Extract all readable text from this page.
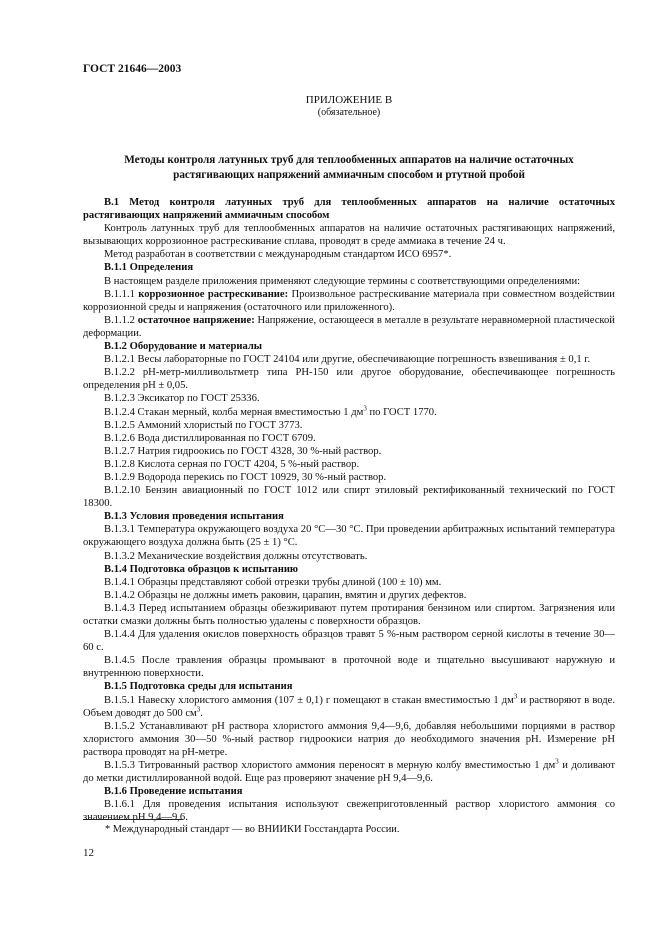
ГОСТ 21646—2003
ПРИЛОЖЕНИЕ В
(обязательное)
Методы контроля латунных труб для теплообменных аппаратов на наличие остаточных
растягивающих напряжений аммиачным способом и ртутной пробой

В.1 Метод контроля латунных труб для теплообменных аппаратов на наличие остаточных растягивающих напряжений аммиачным способом

Контроль латунных труб для теплообменных аппаратов на наличие остаточных растягивающих напряжений, вызывающих коррозионное растрескивание сплава, проводят в среде аммиака в течение 24 ч.

Метод разработан в соответствии с международным стандартом ИСО 6957*.

В.1.1 Определения

В настоящем разделе приложения применяют следующие термины с соответствующими определениями:

В.1.1.1 коррозионное растрескивание: Произвольное растрескивание материала при совместном воздействии коррозионной среды и напряжения (остаточного или приложенного).

В.1.1.2 остаточное напряжение: Напряжение, остающееся в металле в результате неравномерной пластической деформации.

В.1.2 Оборудование и материалы

В.1.2.1 Весы лабораторные по ГОСТ 24104 или другие, обеспечивающие погрешность взвешивания ± 0,1 г.

В.1.2.2 pH-метр-милливольтметр типа PH-150 или другое оборудование, обеспечивающее погрешность определения pH ± 0,05.

В.1.2.3 Эксикатор по ГОСТ 25336.

В.1.2.4 Стакан мерный, колба мерная вместимостью 1 $дм^3$ по ГОСТ 1770.

В.1.2.5 Аммоний хлористый по ГОСТ 3773.

В.1.2.6 Вода дистиллированная по ГОСТ 6709.

В.1.2.7 Натрия гидроокись по ГОСТ 4328, 30 %-ный раствор.

В.1.2.8 Кислота серная по ГОСТ 4204, 5 %-ный раствор.

В.1.2.9 Водорода перекись по ГОСТ 10929, 30 %-ный раствор.

В.1.2.10 Бензин авиационный по ГОСТ 1012 или спирт этиловый ректификованный технический по ГОСТ 18300.

В.1.3 Условия проведения испытания

В.1.3.1 Температура окружающего воздуха 20 °С—30 °С. При проведении арбитражных испытаний температура окружающего воздуха должна быть (25 ± 1) °С.

В.1.3.2 Механические воздействия должны отсутствовать.

В.1.4 Подготовка образцов к испытанию

В.1.4.1 Образцы представляют собой отрезки трубы длиной (100 ± 10) мм.

В.1.4.2 Образцы не должны иметь раковин, царапин, вмятин и других дефектов.

В.1.4.3 Перед испытанием образцы обезжиривают путем протирания бензином или спиртом. Загрязнения или остатки смазки должны быть полностью удалены с поверхности образцов.

В.1.4.4 Для удаления окислов поверхность образцов травят 5 %-ным раствором серной кислоты в течение 30—60 с.

В.1.4.5 После травления образцы промывают в проточной воде и тщательно высушивают наружную и внутреннюю поверхности.

В.1.5 Подготовка среды для испытания

В.1.5.1 Навеску хлористого аммония (107 ± 0,1) г помещают в стакан вместимостью 1 $дм^3$ и растворяют в воде. Объем доводят до 500 $см^3$.

В.1.5.2 Устанавливают pH раствора хлористого аммония 9,4—9,6, добавляя небольшими порциями в раствор хлористого аммония 30—50 %-ный раствор гидроокиси натрия до необходимого значения pH. Измерение pH раствора проводят на pH-метре.

В.1.5.3 Титрованный раствор хлористого аммония переносят в мерную колбу вместимостью 1 $дм^3$ и доливают до метки дистиллированной водой. Еще раз проверяют значение pH 9,4—9,6.

В.1.6 Проведение испытания

В.1.6.1 Для проведения испытания используют свежеприготовленный раствор хлористого аммония со значением pH 9,4—9,6.

* Международный стандарт — во ВНИИКИ Госстандарта России.
12
